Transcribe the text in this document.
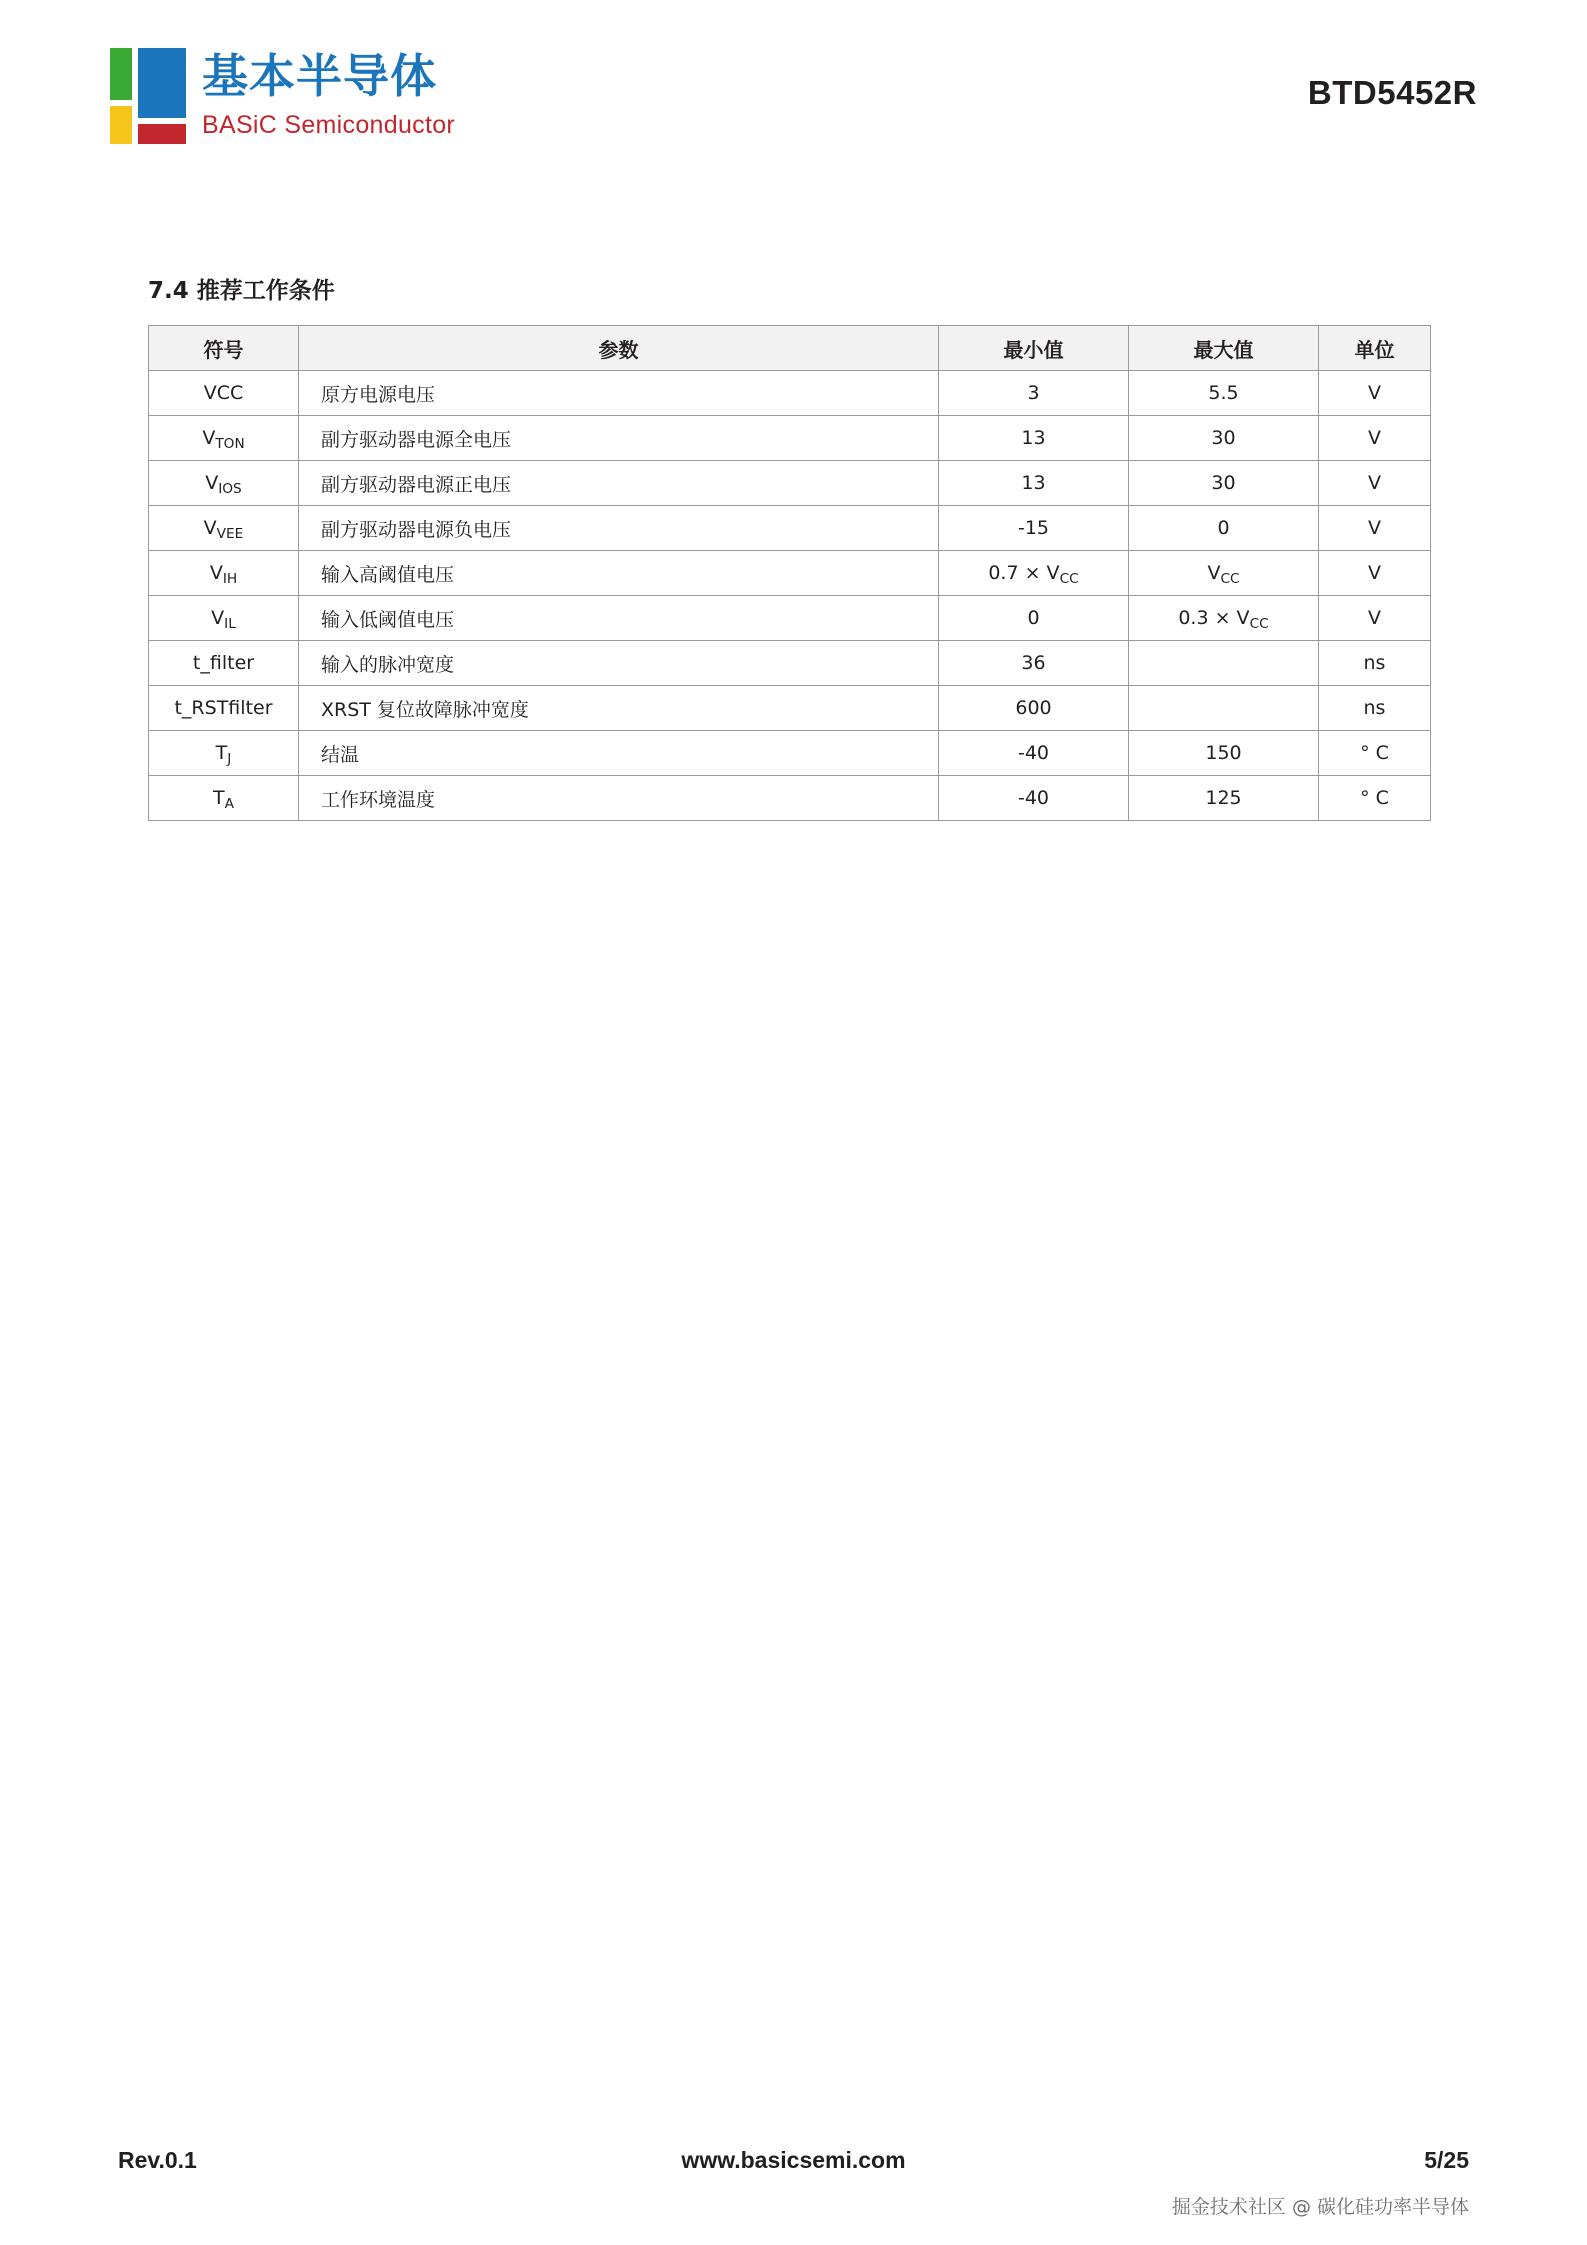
基本半导体
BASiC Semiconductor
BTD5452R
7.4 推荐工作条件
符号	参数	最小值	最大值	单位
VCC	原方电源电压	3	5.5	V
$V_{TON}$	副方驱动器电源全电压	13	30	V
$V_{IOS}$	副方驱动器电源正电压	13	30	V
$V_{VEE}$	副方驱动器电源负电压	-15	0	V
$V_{IH}$	输入高阈值电压	$0.7 \times V_{CC}$	$V_{CC}$	V
$V_{IL}$	输入低阈值电压	0	$0.3 \times V_{CC}$	V
t_filter	输入的脉冲宽度	36		ns
t_RSTfilter	XRST 复位故障脉冲宽度	600		ns
$T_J$	结温	-40	150	° C
$T_A$	工作环境温度	-40	125	° C
Rev.0.1	www.basicsemi.com	5/25
掘金技术社区 @ 碳化硅功率半导体
